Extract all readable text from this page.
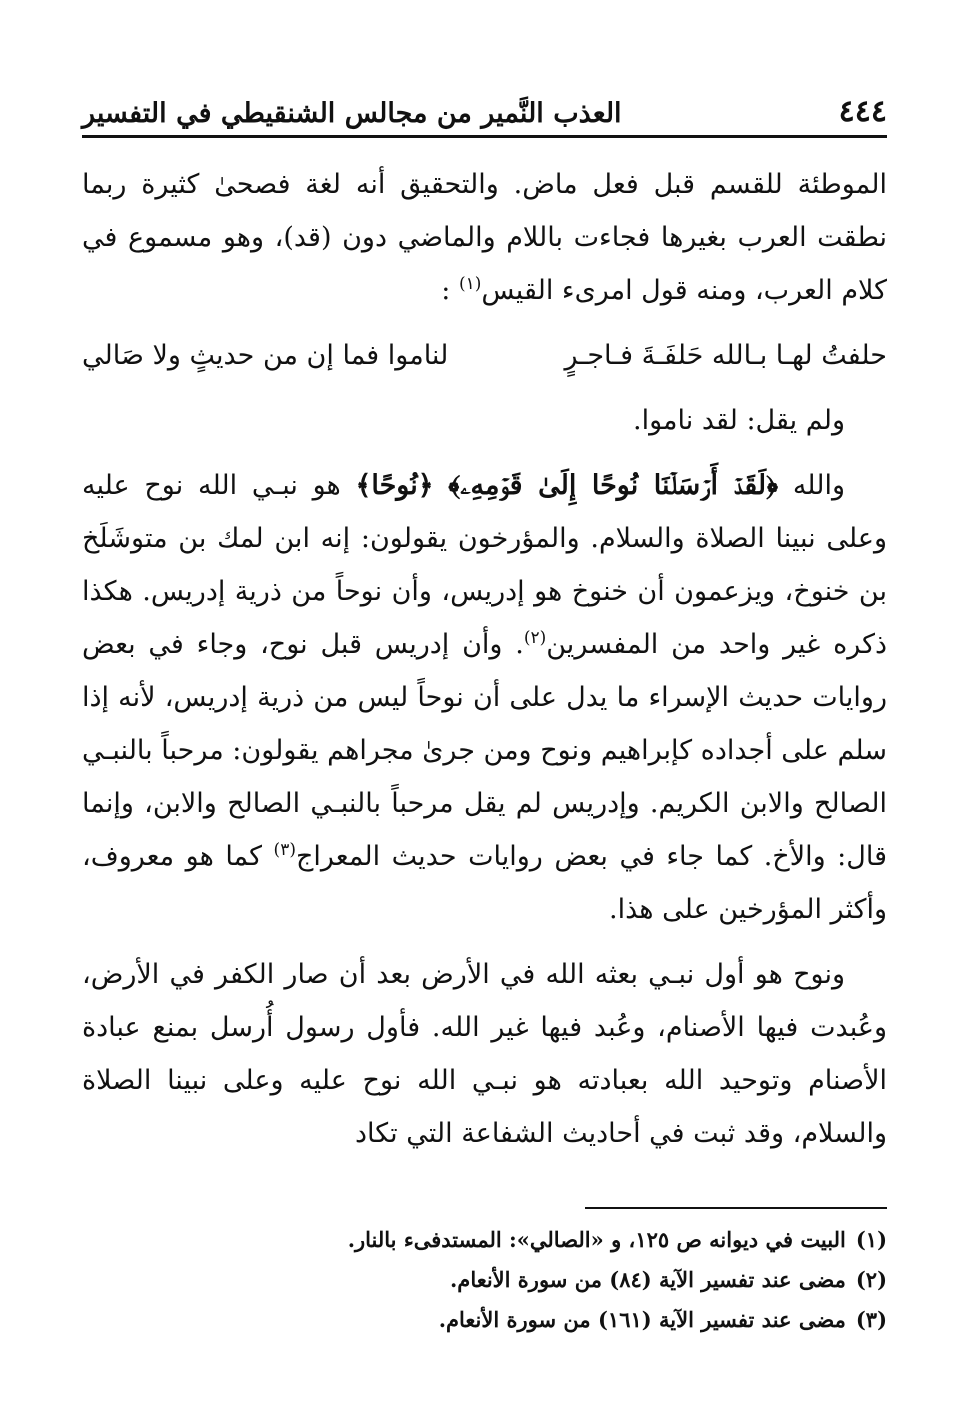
٤٤٤
العذب النَّمير من مجالس الشنقيطي في التفسير

الموطئة للقسم قبل فعل ماض. والتحقيق أنه لغة فصحىٰ كثيرة ربما نطقت العرب بغيرها فجاءت باللام والماضي دون (قد)، وهو مسموع في كلام العرب، ومنه قول امرىء القيس$^{(١)}$ :

حلفتُ لهـا بـالله حَلفَـةَ فـاجـرٍ
لناموا فما إن من حديثٍ ولا صَالي

ولم يقل: لقد ناموا.

والله ﴿لَقَدۡ أَرۡسَلۡنَا نُوحًا إِلَىٰ قَوۡمِهِۦ﴾ ﴿نُوحًا﴾ هو نبـي الله نوح عليه وعلى نبينا الصلاة والسلام. والمؤرخون يقولون: إنه ابن لمك بن متوشَلَخ بن خنوخ، ويزعمون أن خنوخ هو إدريس، وأن نوحاً من ذرية إدريس. هكذا ذكره غير واحد من المفسرين$^{(٢)}$. وأن إدريس قبل نوح، وجاء في بعض روايات حديث الإسراء ما يدل على أن نوحاً ليس من ذرية إدريس، لأنه إذا سلم على أجداده كإبراهيم ونوح ومن جرىٰ مجراهم يقولون: مرحباً بالنبـي الصالح والابن الكريم. وإدريس لم يقل مرحباً بالنبـي الصالح والابن، وإنما قال: والأخ. كما جاء في بعض روايات حديث المعراج$^{(٣)}$ كما هو معروف، وأكثر المؤرخين على هذا.

ونوح هو أول نبـي بعثه الله في الأرض بعد أن صار الكفر في الأرض، وعُبدت فيها الأصنام، وعُبد فيها غير الله. فأول رسول أُرسل بمنع عبادة الأصنام وتوحيد الله بعبادته هو نبـي الله نوح عليه وعلى نبينا الصلاة والسلام، وقد ثبت في أحاديث الشفاعة التي تكاد

(١)
البيت في ديوانه ص ١٢٥، و «الصالي»: المستدفىء بالنار.
(٢)
مضى عند تفسير الآية (٨٤) من سورة الأنعام.
(٣)
مضى عند تفسير الآية (١٦١) من سورة الأنعام.
